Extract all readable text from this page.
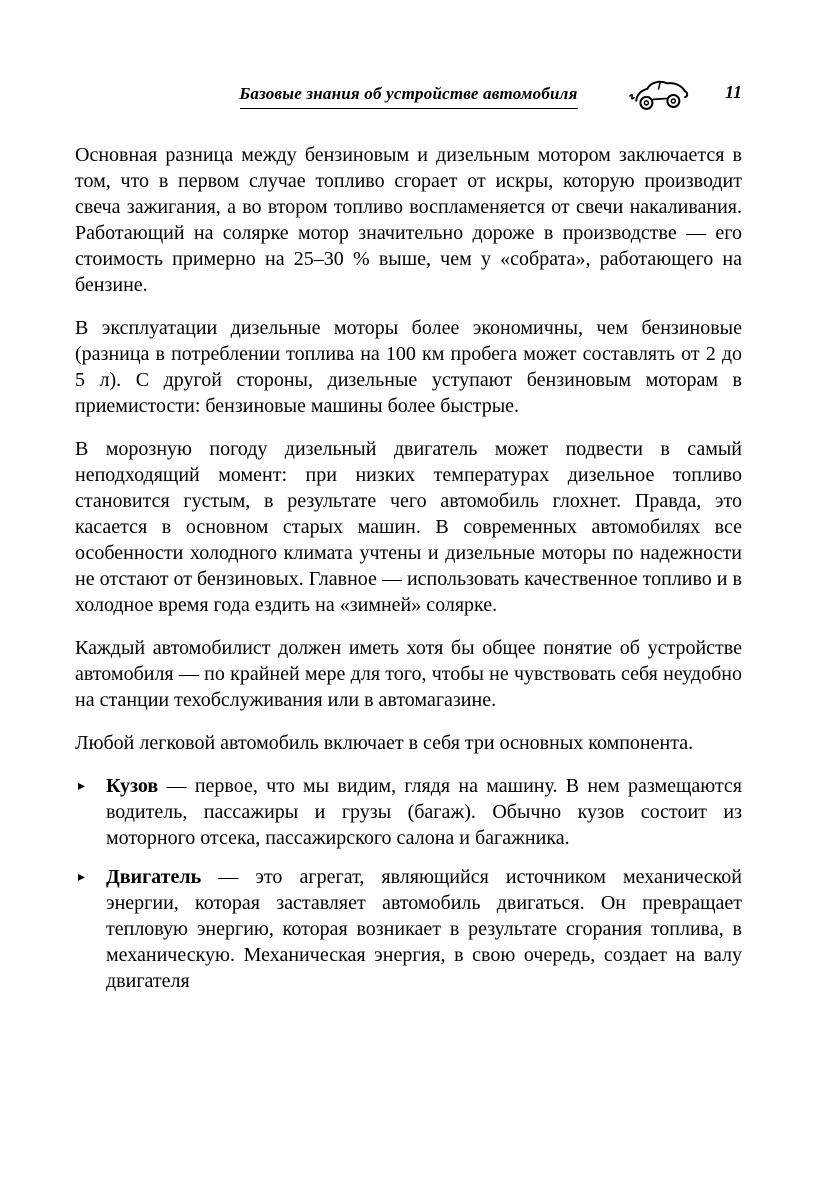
Базовые знания об устройстве автомобиля	11

Основная разница между бензиновым и дизельным мотором заключается в том, что в первом случае топливо сгорает от искры, которую производит свеча зажигания, а во втором топливо воспламеняется от свечи накаливания. Работающий на солярке мотор значительно дороже в производстве — его стоимость примерно на 25–30 % выше, чем у «собрата», работающего на бензине.

В эксплуатации дизельные моторы более экономичны, чем бензиновые (разница в потреблении топлива на 100 км пробега может составлять от 2 до 5 л). С другой стороны, дизельные уступают бензиновым моторам в приемистости: бензиновые машины более быстрые.

В морозную погоду дизельный двигатель может подвести в самый неподходящий момент: при низких температурах дизельное топливо становится густым, в результате чего автомобиль глохнет. Правда, это касается в основном старых машин. В современных автомобилях все особенности холодного климата учтены и дизельные моторы по надежности не отстают от бензиновых. Главное — использовать качественное топливо и в холодное время года ездить на «зимней» солярке.

Каждый автомобилист должен иметь хотя бы общее понятие об устройстве автомобиля — по крайней мере для того, чтобы не чувствовать себя неудобно на станции техобслуживания или в автомагазине.

Любой легковой автомобиль включает в себя три основных компонента.

▸ Кузов — первое, что мы видим, глядя на машину. В нем размещаются водитель, пассажиры и грузы (багаж). Обычно кузов состоит из моторного отсека, пассажирского салона и багажника.
▸ Двигатель — это агрегат, являющийся источником механической энергии, которая заставляет автомобиль двигаться. Он превращает тепловую энергию, которая возникает в результате сгорания топлива, в механическую. Механическая энергия, в свою очередь, создает на валу двигателя
